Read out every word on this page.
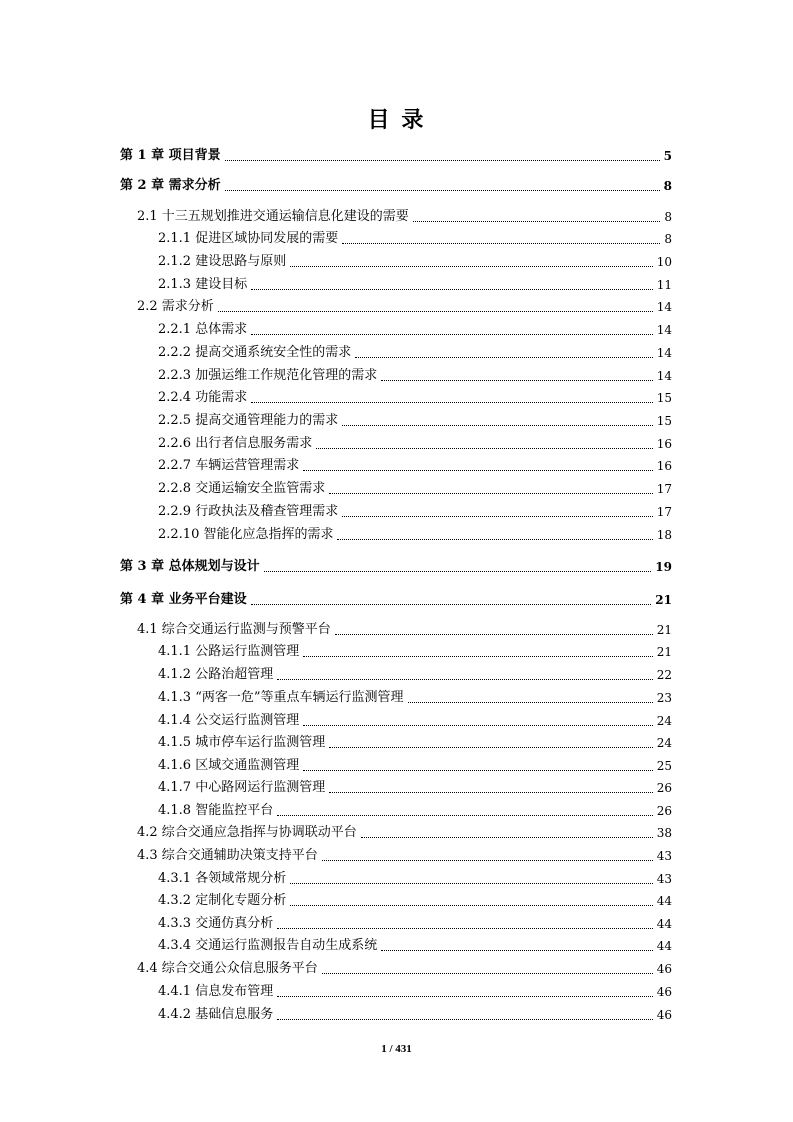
目 录
第 1 章 项目背景	5
第 2 章 需求分析	8
2.1 十三五规划推进交通运输信息化建设的需要	8
2.1.1 促进区域协同发展的需要	8
2.1.2 建设思路与原则	10
2.1.3 建设目标	11
2.2 需求分析	14
2.2.1 总体需求	14
2.2.2 提高交通系统安全性的需求	14
2.2.3 加强运维工作规范化管理的需求	14
2.2.4 功能需求	15
2.2.5 提高交通管理能力的需求	15
2.2.6 出行者信息服务需求	16
2.2.7 车辆运营管理需求	16
2.2.8 交通运输安全监管需求	17
2.2.9 行政执法及稽查管理需求	17
2.2.10 智能化应急指挥的需求	18
第 3 章 总体规划与设计	19
第 4 章 业务平台建设	21
4.1 综合交通运行监测与预警平台	21
4.1.1 公路运行监测管理	21
4.1.2 公路治超管理	22
4.1.3 “两客一危”等重点车辆运行监测管理	23
4.1.4 公交运行监测管理	24
4.1.5 城市停车运行监测管理	24
4.1.6 区域交通监测管理	25
4.1.7 中心路网运行监测管理	26
4.1.8 智能监控平台	26
4.2 综合交通应急指挥与协调联动平台	38
4.3 综合交通辅助决策支持平台	43
4.3.1 各领域常规分析	43
4.3.2 定制化专题分析	44
4.3.3 交通仿真分析	44
4.3.4 交通运行监测报告自动生成系统	44
4.4 综合交通公众信息服务平台	46
4.4.1 信息发布管理	46
4.4.2 基础信息服务	46
1 / 431
